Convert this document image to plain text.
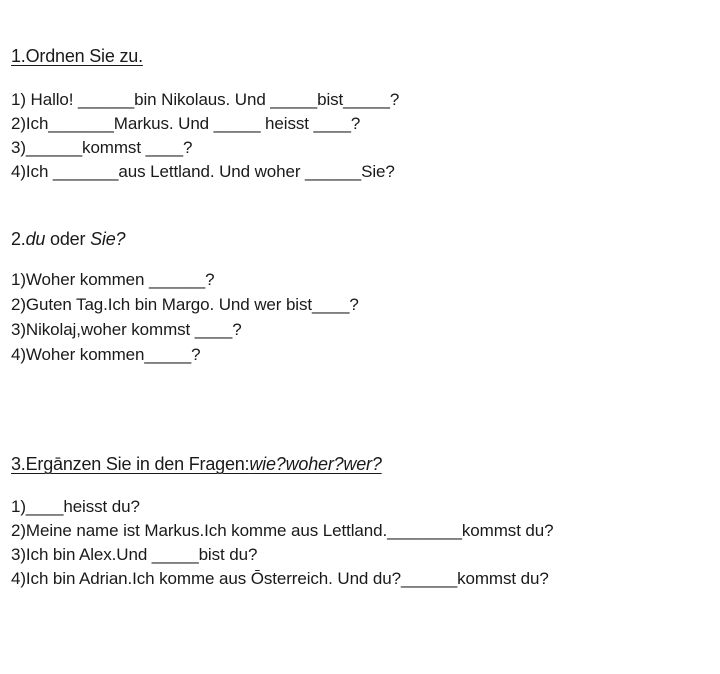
1.Ordnen Sie zu.
1) Hallo! ______bin Nikolaus. Und _____bist_____?
2)Ich_______Markus. Und _____ heisst ____?
3)______kommst ____?
4)Ich _______aus Lettland. Und woher ______Sie?
2.du oder Sie?
1)Woher kommen ______?
2)Guten Tag.Ich bin Margo. Und wer bist____?
3)Nikolaj,woher kommst ____?
4)Woher kommen_____?
3.Ergānzen Sie in den Fragen:wie?woher?wer?
1)____heisst du?
2)Meine name ist Markus.Ich komme aus Lettland.________kommst du?
3)Ich bin Alex.Und _____bist du?
4)Ich bin Adrian.Ich komme aus Ōsterreich. Und du?______kommst du?
